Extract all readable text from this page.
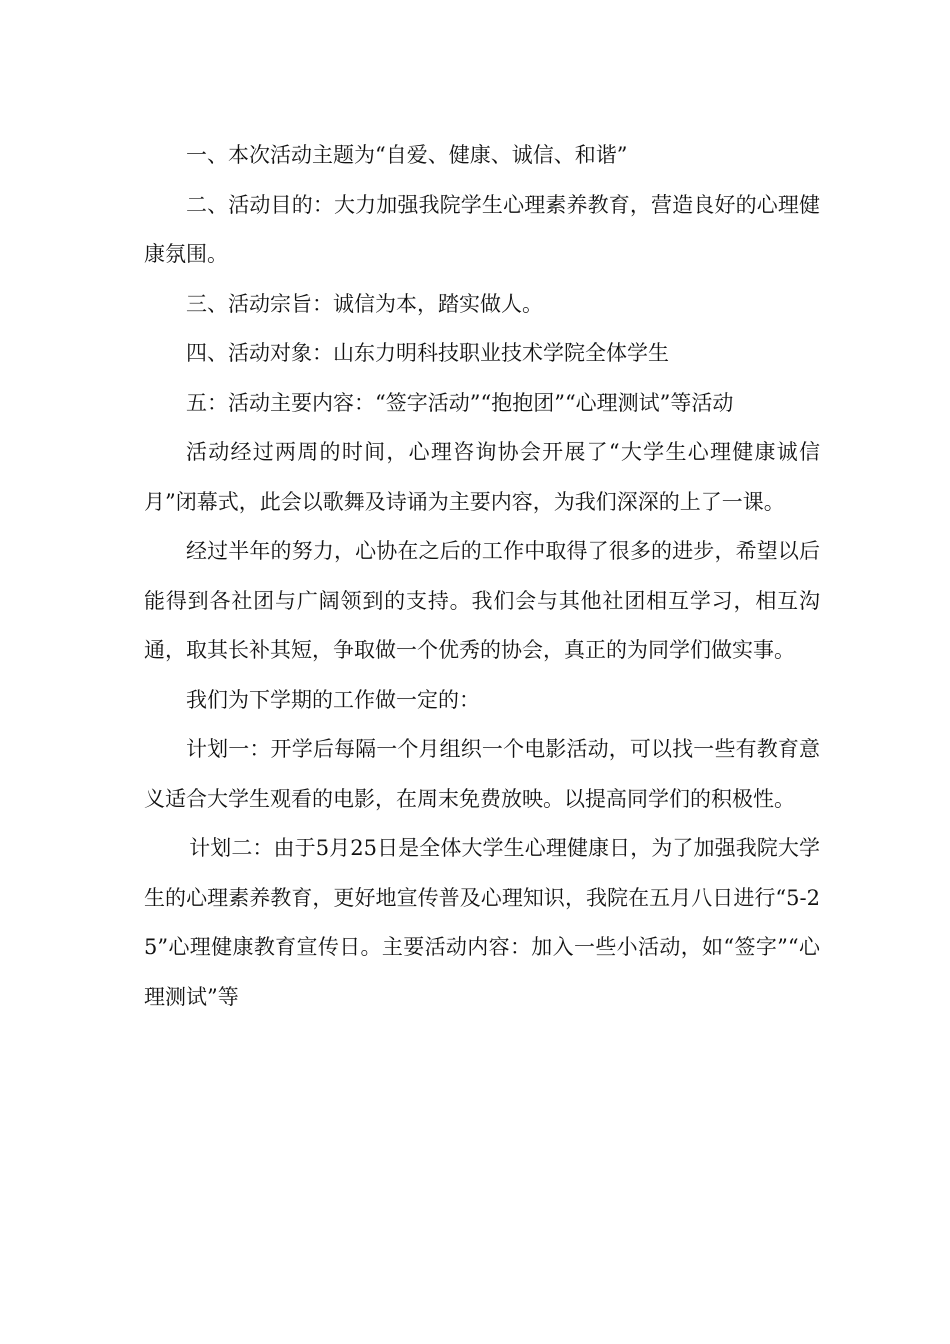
一、本次活动主题为“自爱、健康、诚信、和谐”

二、活动目的：大力加强我院学生心理素养教育，营造良好的心理健康氛围。

三、活动宗旨：诚信为本，踏实做人。

四、活动对象：山东力明科技职业技术学院全体学生

五：活动主要内容：“签字活动”“抱抱团”“心理测试”等活动

活动经过两周的时间，心理咨询协会开展了“大学生心理健康诚信月”闭幕式，此会以歌舞及诗诵为主要内容，为我们深深的上了一课。

经过半年的努力，心协在之后的工作中取得了很多的进步，希望以后能得到各社团与广阔领到的支持。我们会与其他社团相互学习，相互沟通，取其长补其短，争取做一个优秀的协会，真正的为同学们做实事。

我们为下学期的工作做一定的：

计划一：开学后每隔一个月组织一个电影活动，可以找一些有教育意义适合大学生观看的电影，在周末免费放映。以提高同学们的积极性。

计划二：由于5月25日是全体大学生心理健康日，为了加强我院大学生的心理素养教育，更好地宣传普及心理知识，我院在五月八日进行“5-25”心理健康教育宣传日。主要活动内容：加入一些小活动，如“签字”“心理测试”等
